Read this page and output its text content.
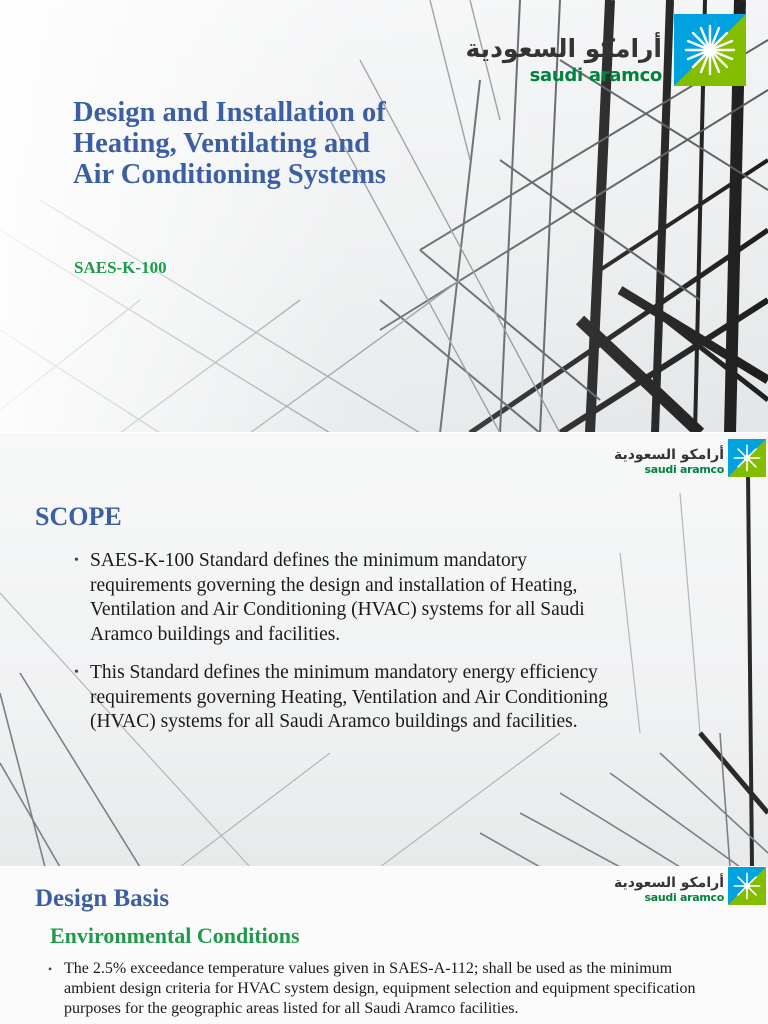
أرامكو السعودية
saudi aramco
Design and Installation of Heating, Ventilating and Air Conditioning Systems

SAES-K-100

أرامكو السعودية
saudi aramco
SCOPE
• SAES-K-100 Standard defines the minimum mandatory requirements governing the design and installation of Heating, Ventilation and Air Conditioning (HVAC) systems for all Saudi Aramco buildings and facilities.
• This Standard defines the minimum mandatory energy efficiency requirements governing Heating, Ventilation and Air Conditioning (HVAC) systems for all Saudi Aramco buildings and facilities.
أرامكو السعودية
saudi aramco
Design Basis
Environmental Conditions
• The 2.5% exceedance temperature values given in SAES-A-112; shall be used as the minimum ambient design criteria for HVAC system design, equipment selection and equipment specification purposes for the geographic areas listed for all Saudi Aramco facilities.
